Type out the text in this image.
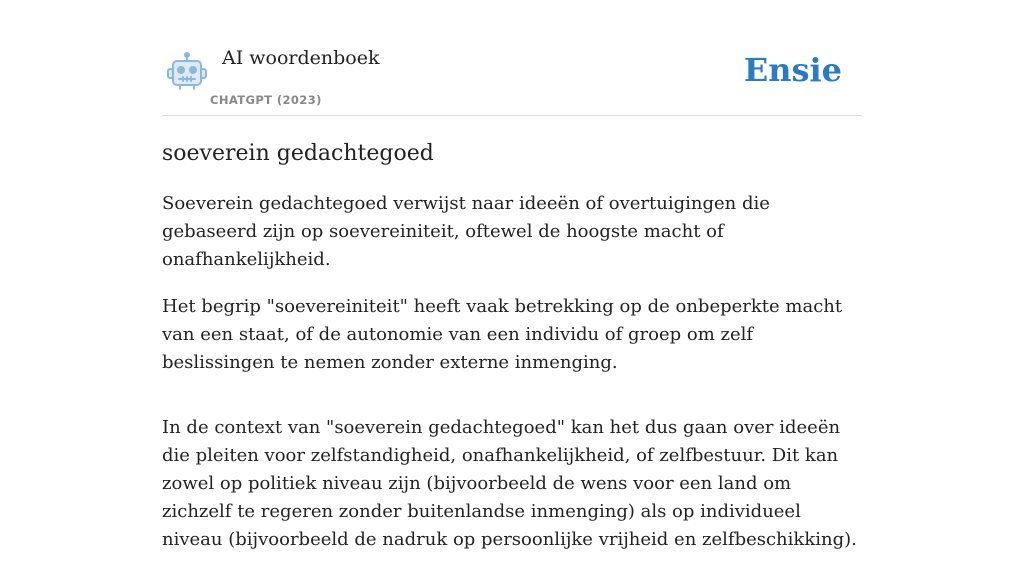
AI woordenboek
CHATGPT (2023)
Ensie
soeverein gedachtegoed

Soeverein gedachtegoed verwijst naar ideeën of overtuigingen die gebaseerd zijn op soevereiniteit, oftewel de hoogste macht of onafhankelijkheid.

Het begrip "soevereiniteit" heeft vaak betrekking op de onbeperkte macht van een staat, of de autonomie van een individu of groep om zelf beslissingen te nemen zonder externe inmenging.

In de context van "soeverein gedachtegoed" kan het dus gaan over ideeën die pleiten voor zelfstandigheid, onafhankelijkheid, of zelfbestuur. Dit kan zowel op politiek niveau zijn (bijvoorbeeld de wens voor een land om zichzelf te regeren zonder buitenlandse inmenging) als op individueel niveau (bijvoorbeeld de nadruk op persoonlijke vrijheid en zelfbeschikking).
